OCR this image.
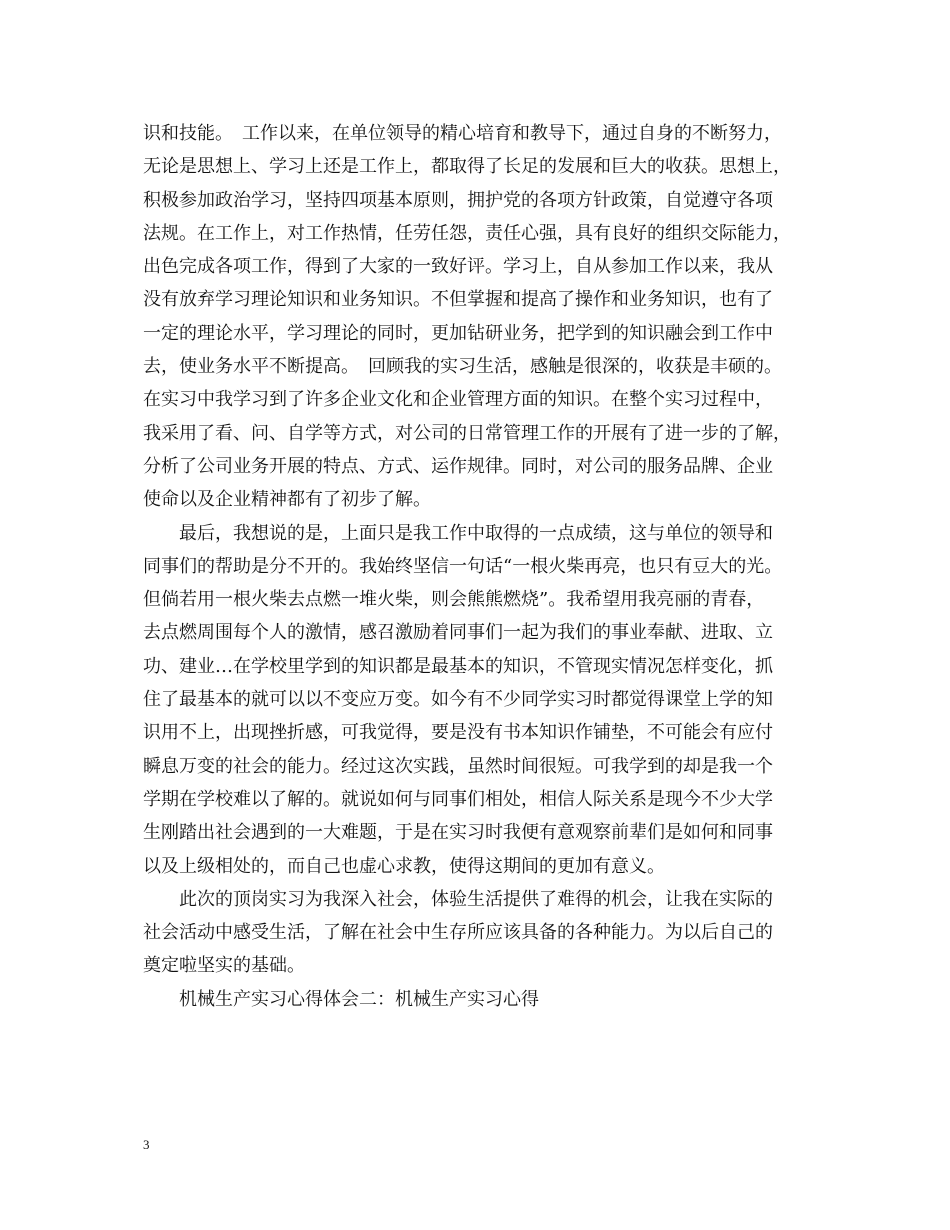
识和技能。　工作以来，在单位领导的精心培育和教导下，通过自身的不断努力，
无论是思想上、学习上还是工作上，都取得了长足的发展和巨大的收获。思想上，
积极参加政治学习，坚持四项基本原则，拥护党的各项方针政策，自觉遵守各项
法规。在工作上，对工作热情，任劳任怨，责任心强，具有良好的组织交际能力，
出色完成各项工作，得到了大家的一致好评。学习上，自从参加工作以来，我从
没有放弃学习理论知识和业务知识。不但掌握和提高了操作和业务知识，也有了
一定的理论水平，学习理论的同时，更加钻研业务，把学到的知识融会到工作中
去，使业务水平不断提高。　回顾我的实习生活，感触是很深的，收获是丰硕的。
在实习中我学习到了许多企业文化和企业管理方面的知识。在整个实习过程中，
我采用了看、问、自学等方式，对公司的日常管理工作的开展有了进一步的了解，
分析了公司业务开展的特点、方式、运作规律。同时，对公司的服务品牌、企业
使命以及企业精神都有了初步了解。
　　最后，我想说的是，上面只是我工作中取得的一点成绩，这与单位的领导和
同事们的帮助是分不开的。我始终坚信一句话“一根火柴再亮，也只有豆大的光。
但倘若用一根火柴去点燃一堆火柴，则会熊熊燃烧”。我希望用我亮丽的青春，
去点燃周围每个人的激情，感召激励着同事们一起为我们的事业奉献、进取、立
功、建业…在学校里学到的知识都是最基本的知识，不管现实情况怎样变化，抓
住了最基本的就可以以不变应万变。如今有不少同学实习时都觉得课堂上学的知
识用不上，出现挫折感，可我觉得，要是没有书本知识作铺垫，不可能会有应付
瞬息万变的社会的能力。经过这次实践，虽然时间很短。可我学到的却是我一个
学期在学校难以了解的。就说如何与同事们相处，相信人际关系是现今不少大学
生刚踏出社会遇到的一大难题，于是在实习时我便有意观察前辈们是如何和同事
以及上级相处的，而自己也虚心求教，使得这期间的更加有意义。
　　此次的顶岗实习为我深入社会，体验生活提供了难得的机会，让我在实际的
社会活动中感受生活，了解在社会中生存所应该具备的各种能力。为以后自己的
奠定啦坚实的基础。
　　机械生产实习心得体会二：机械生产实习心得
3
